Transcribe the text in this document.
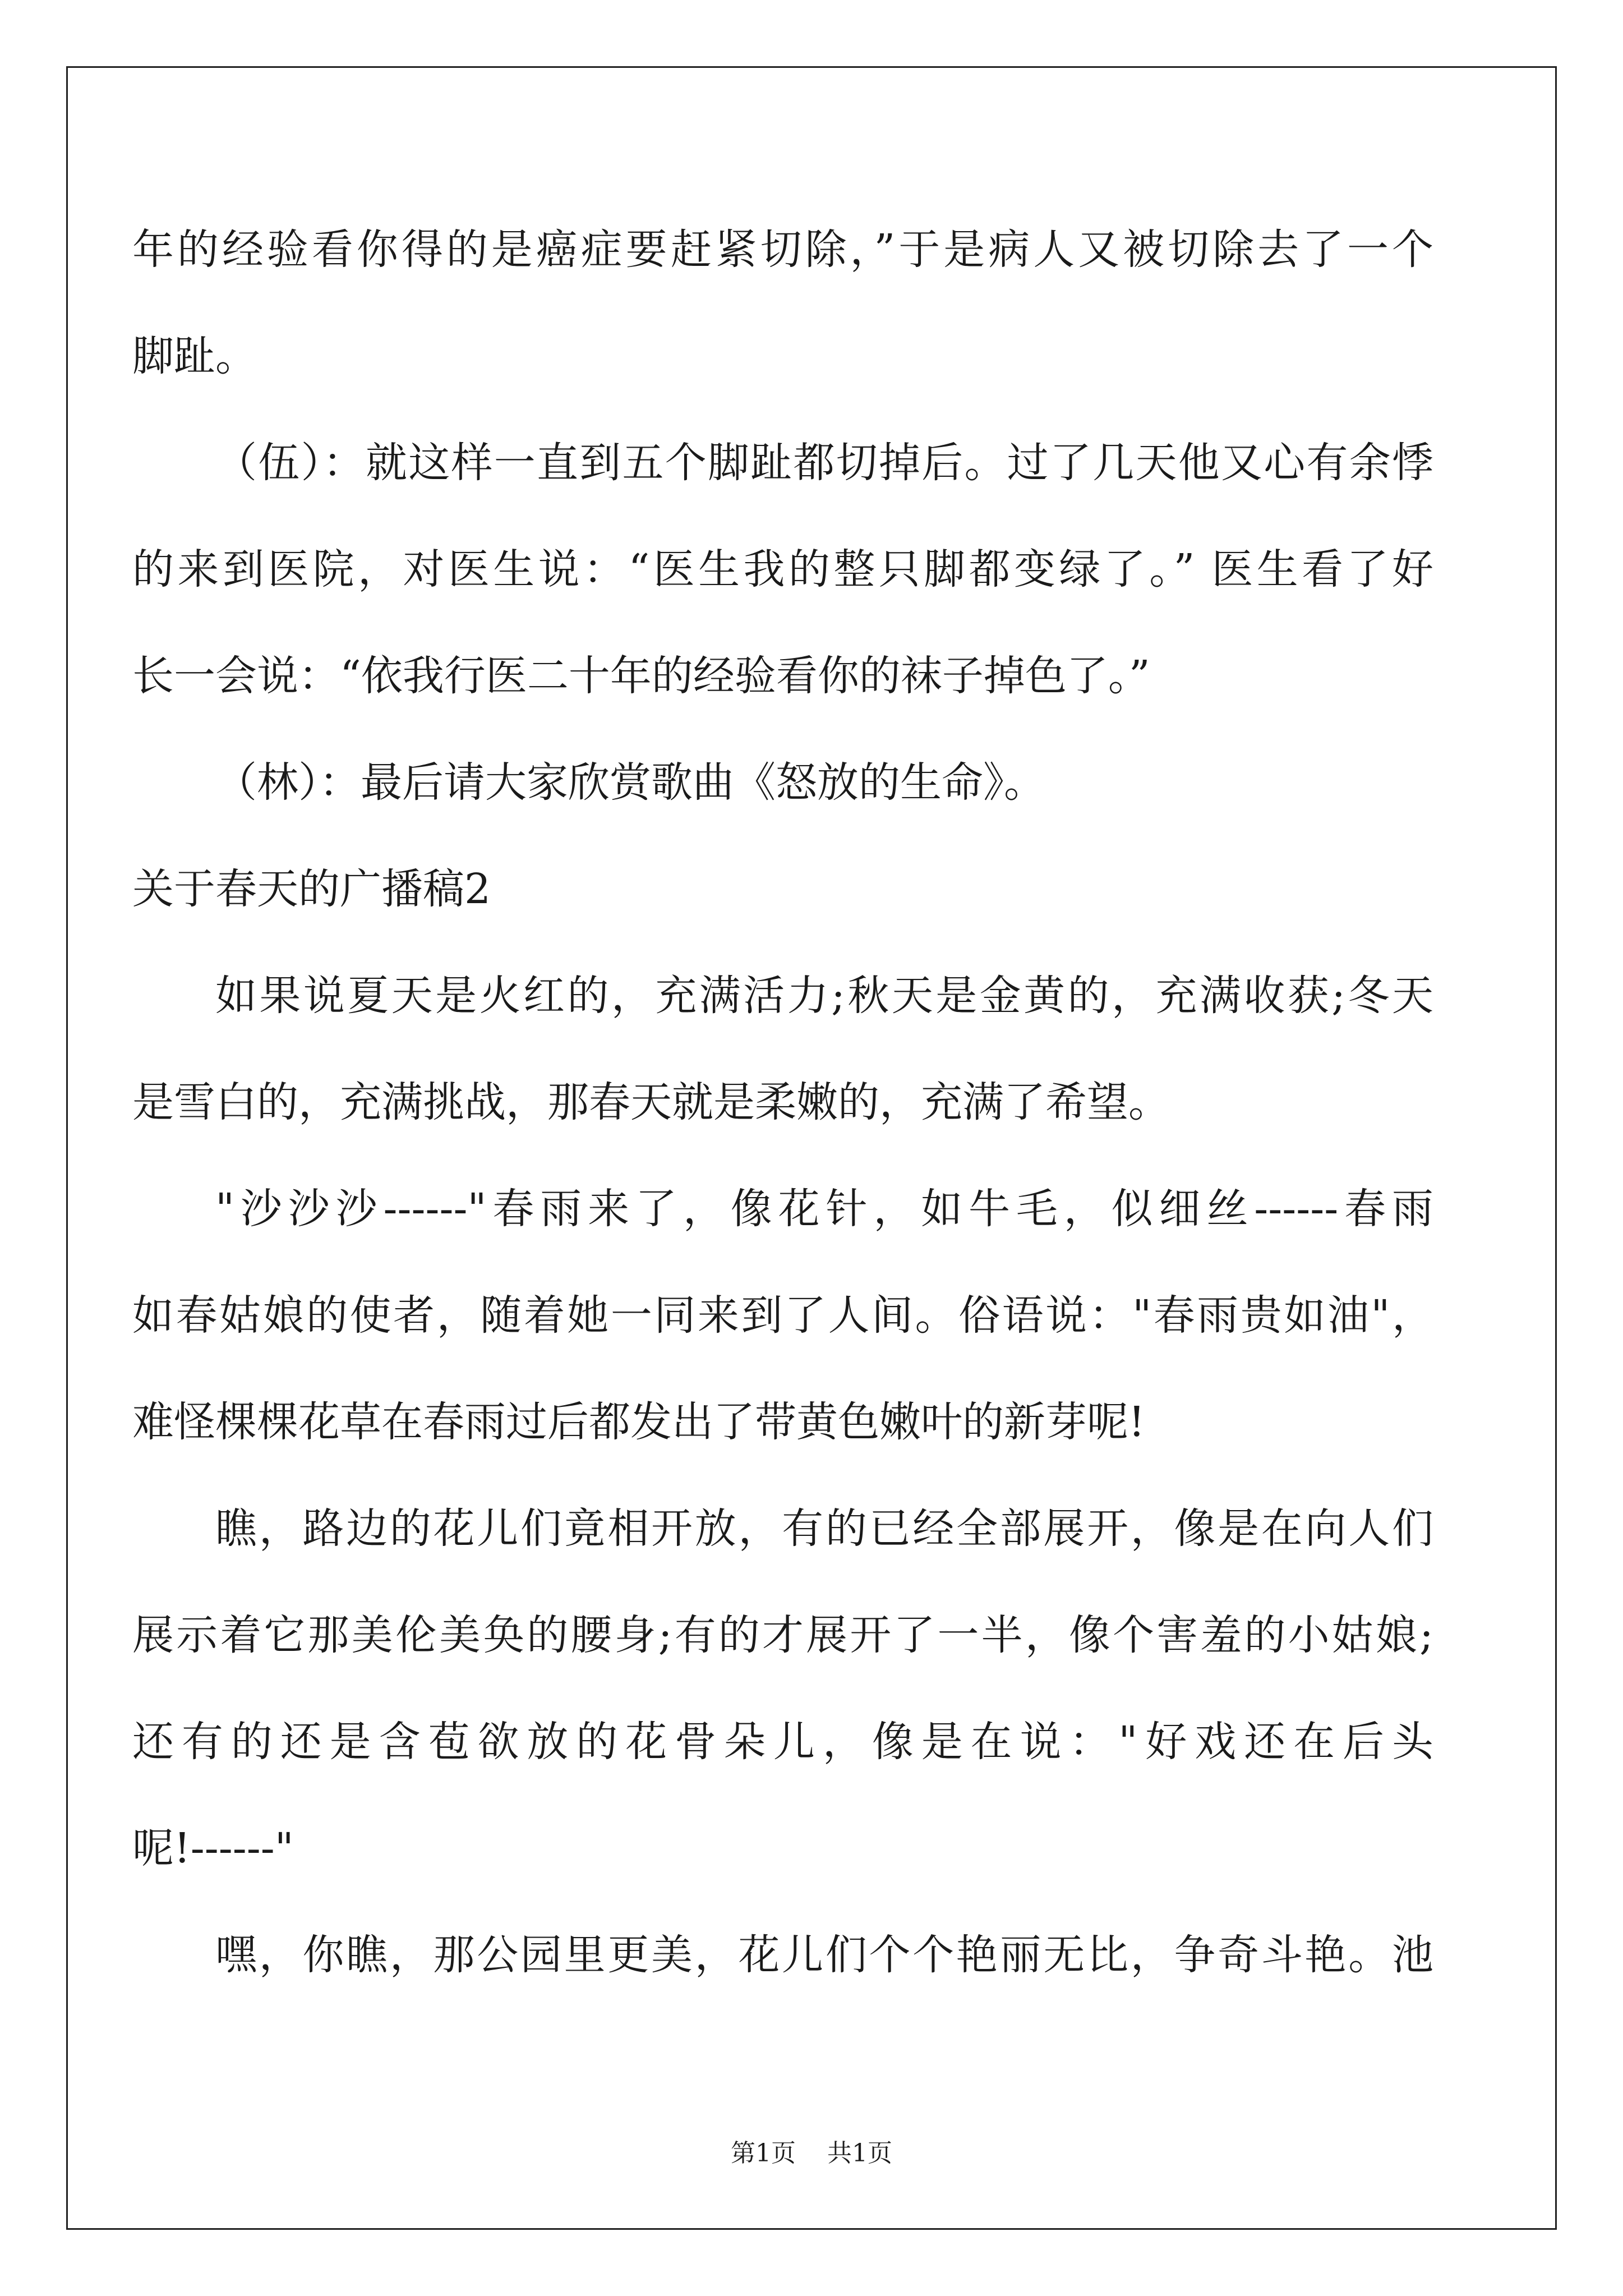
年的经验看你得的是癌症要赶紧切除，”于是病人又被切除去了一个
脚趾。
（伍）：就这样一直到五个脚趾都切掉后。过了几天他又心有余悸
的来到医院，对医生说：“医生我的整只脚都变绿了。” 医生看了好
长一会说：“依我行医二十年的经验看你的袜子掉色了。”
（林）：最后请大家欣赏歌曲《怒放的生命》。
关于春天的广播稿2
如果说夏天是火红的，充满活力;秋天是金黄的，充满收获;冬天
是雪白的，充满挑战，那春天就是柔嫩的，充满了希望。
"沙沙沙------"春雨来了，像花针，如牛毛，似细丝------春雨
如春姑娘的使者，随着她一同来到了人间。俗语说："春雨贵如油"，
难怪棵棵花草在春雨过后都发出了带黄色嫩叶的新芽呢!
瞧，路边的花儿们竟相开放，有的已经全部展开，像是在向人们
展示着它那美伦美奂的腰身;有的才展开了一半，像个害羞的小姑娘;
还有的还是含苞欲放的花骨朵儿，像是在说："好戏还在后头
呢!------"
嘿，你瞧，那公园里更美，花儿们个个艳丽无比，争奇斗艳。池
第1页 共1页
